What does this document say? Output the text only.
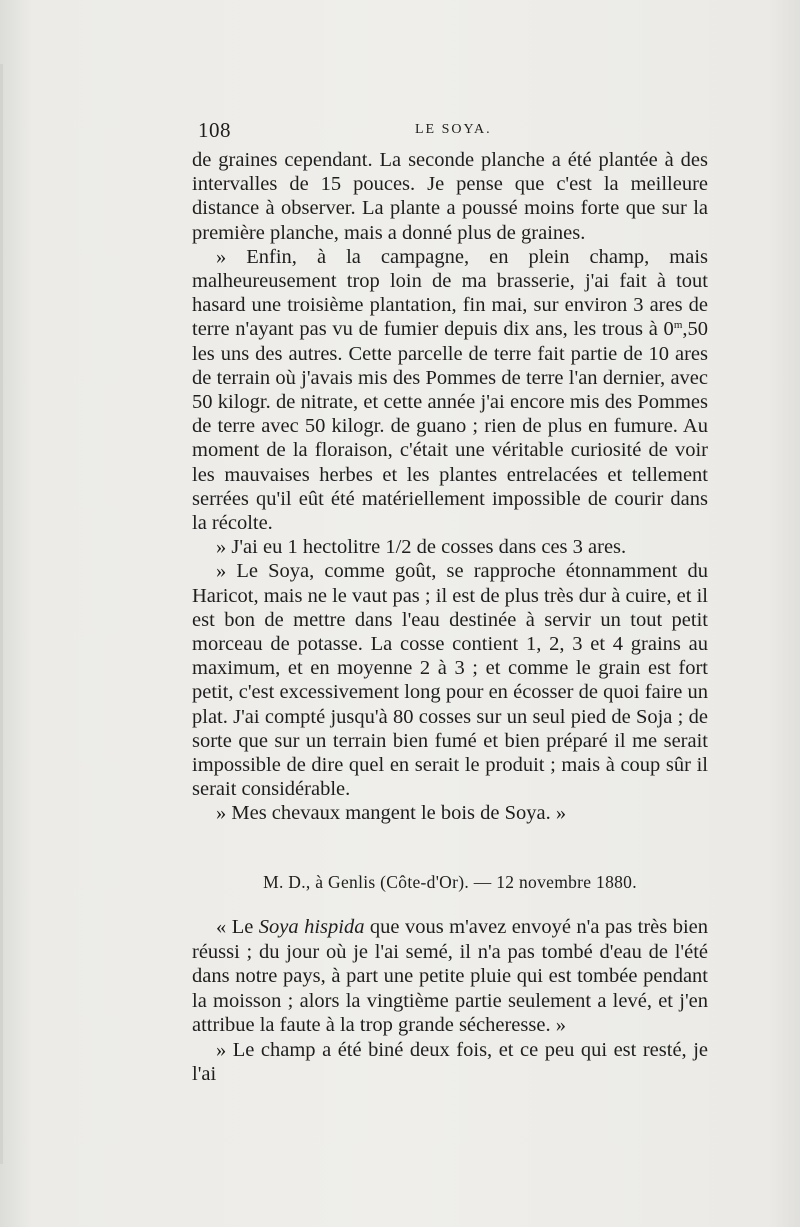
108	LE SOYA.

de graines cependant. La seconde planche a été plantée à des intervalles de 15 pouces. Je pense que c'est la meilleure distance à observer. La plante a poussé moins forte que sur la première planche, mais a donné plus de graines.

» Enfin, à la campagne, en plein champ, mais malheureusement trop loin de ma brasserie, j'ai fait à tout hasard une troisième plantation, fin mai, sur environ 3 ares de terre n'ayant pas vu de fumier depuis dix ans, les trous à 0$^m$,50 les uns des autres. Cette parcelle de terre fait partie de 10 ares de terrain où j'avais mis des Pommes de terre l'an dernier, avec 50 kilogr. de nitrate, et cette année j'ai encore mis des Pommes de terre avec 50 kilogr. de guano ; rien de plus en fumure. Au moment de la floraison, c'était une véritable curiosité de voir les mauvaises herbes et les plantes entrelacées et tellement serrées qu'il eût été matériellement impossible de courir dans la récolte.

» J'ai eu 1 hectolitre 1/2 de cosses dans ces 3 ares.

» Le Soya, comme goût, se rapproche étonnamment du Haricot, mais ne le vaut pas ; il est de plus très dur à cuire, et il est bon de mettre dans l'eau destinée à servir un tout petit morceau de potasse. La cosse contient 1, 2, 3 et 4 grains au maximum, et en moyenne 2 à 3 ; et comme le grain est fort petit, c'est excessivement long pour en écosser de quoi faire un plat. J'ai compté jusqu'à 80 cosses sur un seul pied de Soja ; de sorte que sur un terrain bien fumé et bien préparé il me serait impossible de dire quel en serait le produit ; mais à coup sûr il serait considérable.

» Mes chevaux mangent le bois de Soya. »

M. D., à Genlis (Côte-d'Or). — 12 novembre 1880.

« Le Soya hispida que vous m'avez envoyé n'a pas très bien réussi ; du jour où je l'ai semé, il n'a pas tombé d'eau de l'été dans notre pays, à part une petite pluie qui est tombée pendant la moisson ; alors la vingtième partie seulement a levé, et j'en attribue la faute à la trop grande sécheresse. »

» Le champ a été biné deux fois, et ce peu qui est resté, je l'ai
